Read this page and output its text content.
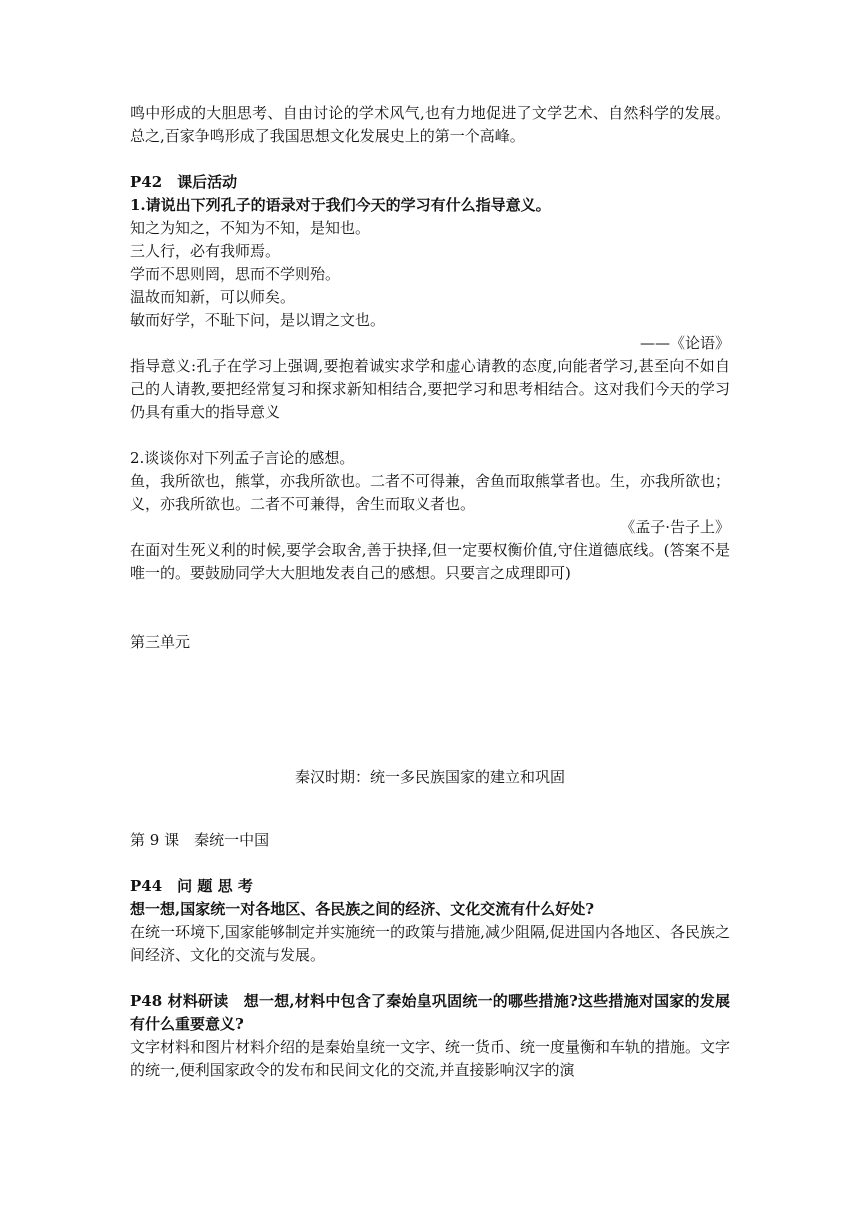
鸣中形成的大胆思考、自由讨论的学术风气,也有力地促进了文学艺术、自然科学的发展。总之,百家争鸣形成了我国思想文化发展史上的第一个高峰。
P42　课后活动
1.请说出下列孔子的语录对于我们今天的学习有什么指导意义。
知之为知之，不知为不知，是知也。
三人行，必有我师焉。
学而不思则罔，思而不学则殆。
温故而知新，可以师矣。
敏而好学，不耻下问，是以谓之文也。
——《论语》
指导意义:孔子在学习上强调,要抱着诚实求学和虚心请教的态度,向能者学习,甚至向不如自己的人请教,要把经常复习和探求新知相结合,要把学习和思考相结合。这对我们今天的学习仍具有重大的指导意义
2.谈谈你对下列孟子言论的感想。
鱼，我所欲也，熊掌，亦我所欲也。二者不可得兼，舍鱼而取熊掌者也。生，亦我所欲也；义，亦我所欲也。二者不可兼得，舍生而取义者也。
《孟子·告子上》
在面对生死义利的时候,要学会取舍,善于抉择,但一定要权衡价值,守住道德底线。(答案不是唯一的。要鼓励同学大大胆地发表自己的感想。只要言之成理即可)
第三单元
秦汉时期：统一多民族国家的建立和巩固
第 9 课　秦统一中国
P44　问 题 思 考
想一想,国家统一对各地区、各民族之间的经济、文化交流有什么好处?
在统一环境下,国家能够制定并实施统一的政策与措施,减少阻隔,促进国内各地区、各民族之间经济、文化的交流与发展。
P48 材料研读　想一想,材料中包含了秦始皇巩固统一的哪些措施?这些措施对国家的发展有什么重要意义?
文字材料和图片材料介绍的是秦始皇统一文字、统一货币、统一度量衡和车轨的措施。文字的统一,便利国家政令的发布和民间文化的交流,并直接影响汉字的演
